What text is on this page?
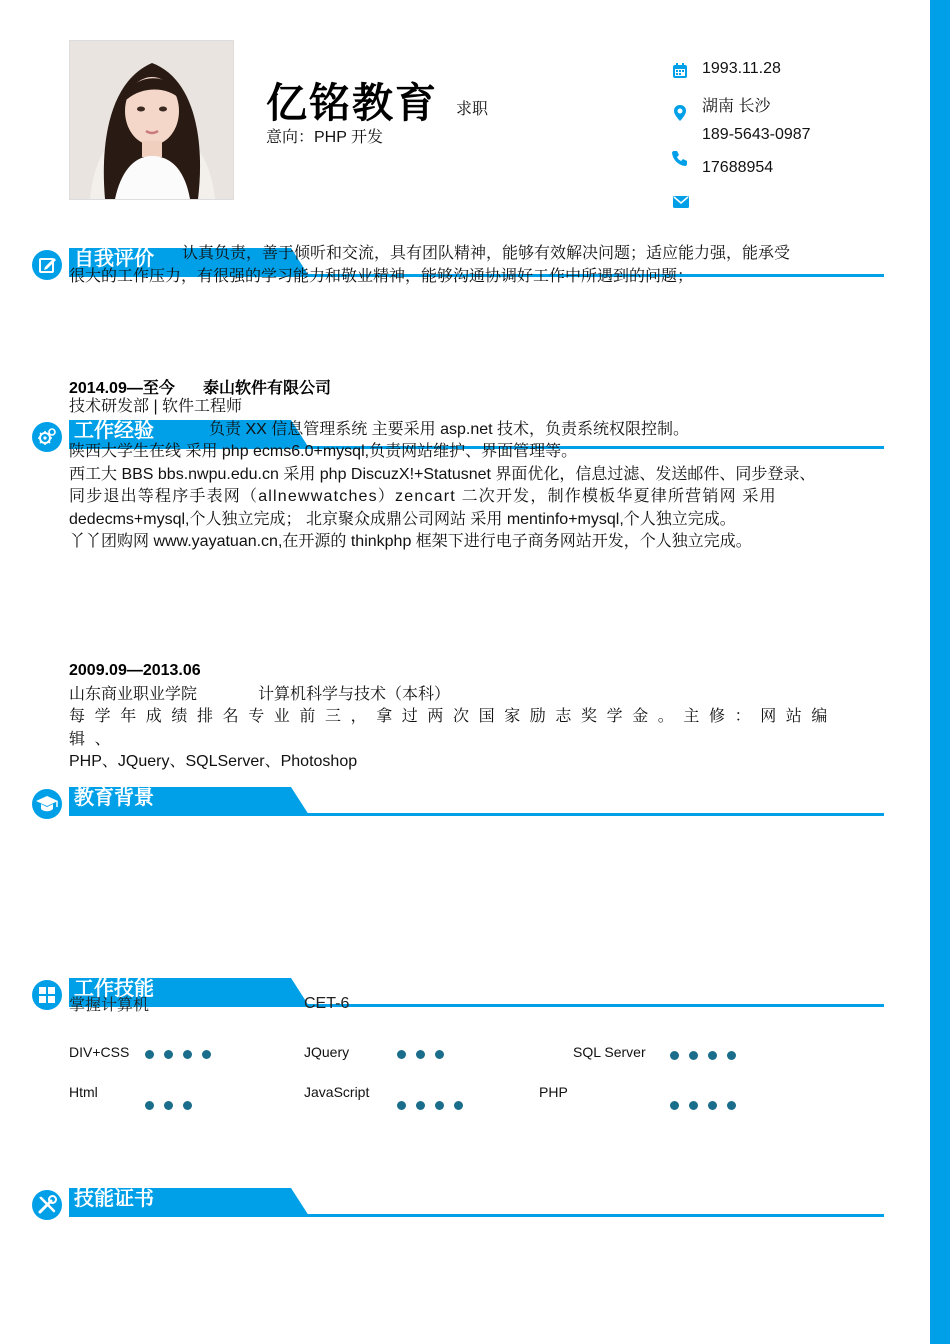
亿铭教育 求职
意向：PHP 开发
1993.11.28
湖南 长沙
189-5643-0987
17688954
认真负责，善于倾听和交流，具有团队精神，能够有效解决问题；适应能力强，能承受
很大的工作压力，有很强的学习能力和敬业精神，能够沟通协调好工作中所遇到的问题；
自我评价
2014.09—至今 泰山软件有限公司
技术研发部 | 软件工程师
负责 XX 信息管理系统 主要采用 asp.net 技术，负责系统权限控制。
陕西大学生在线 采用 php ecms6.0+mysql,负责网站维护、界面管理等。
西工大 BBS bbs.nwpu.edu.cn 采用 php DiscuzX!+Statusnet 界面优化，信息过滤、发送邮件、同步登录、
同步退出等程序手表网（allnewwatches）zencart 二次开发，制作模板华夏律所营销网 采用
dedecms+mysql,个人独立完成； 北京聚众成鼎公司网站 采用 mentinfo+mysql,个人独立完成。
丫丫团购网 www.yayatuan.cn,在开源的 thinkphp 框架下进行电子商务网站开发，个人独立完成。
工作经验
2009.09—2013.06
山东商业职业学院	计算机科学与技术（本科）
每学年成绩排名专业前三，拿过两次国家励志奖学金。主修：网站编辑、
PHP、JQuery、SQLServer、Photoshop
教育背景
掌握计算机	CET-6
工作技能
DIV+CSS	JQuery	SQL Server
Html	JavaScript	PHP
技能证书
